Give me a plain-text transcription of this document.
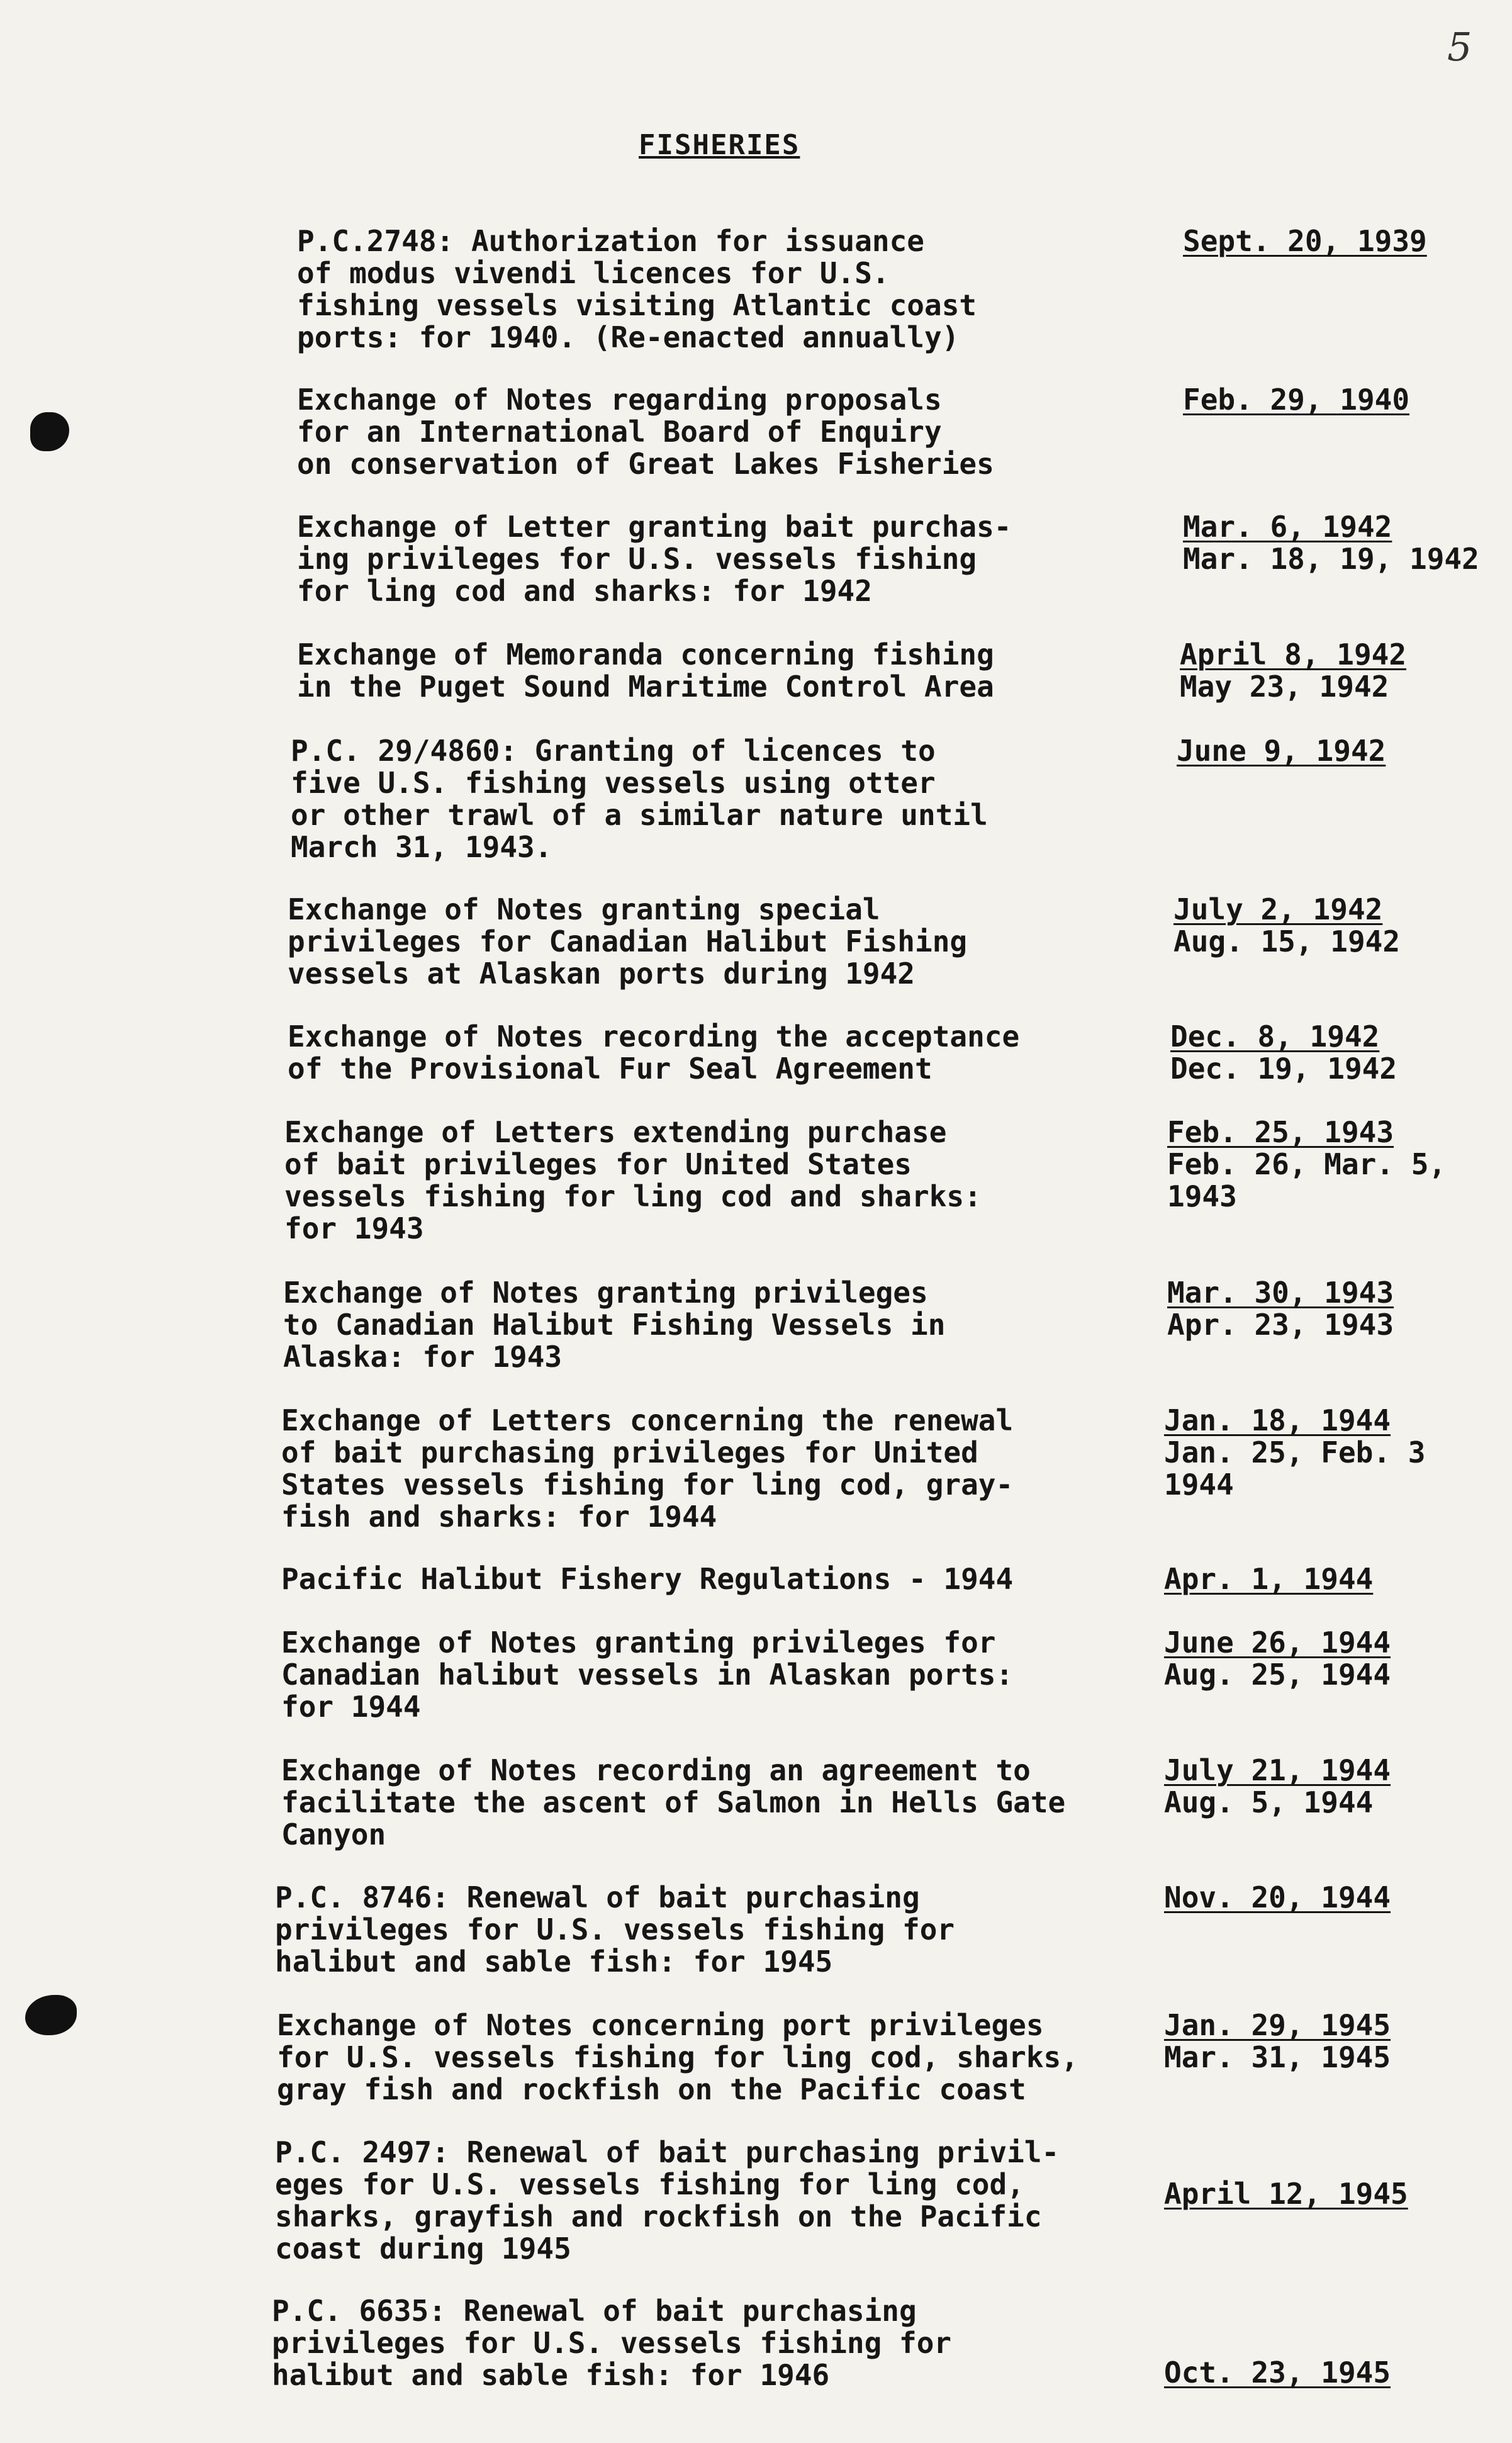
5
FISHERIES
P.C.2748: Authorization for issuance
of modus vivendi licences for U.S.
fishing vessels visiting Atlantic coast
ports: for 1940. (Re-enacted annually)
Sept. 20, 1939
Exchange of Notes regarding proposals
for an International Board of Enquiry
on conservation of Great Lakes Fisheries
Feb. 29, 1940
Exchange of Letter granting bait purchas-
ing privileges for U.S. vessels fishing
for ling cod and sharks: for 1942
Mar. 6, 1942
Mar. 18, 19, 1942
Exchange of Memoranda concerning fishing
in the Puget Sound Maritime Control Area
April 8, 1942
May 23, 1942
P.C. 29/4860: Granting of licences to
five U.S. fishing vessels using otter
or other trawl of a similar nature until
March 31, 1943.
June 9, 1942
Exchange of Notes granting special
privileges for Canadian Halibut Fishing
vessels at Alaskan ports during 1942
July 2, 1942
Aug. 15, 1942
Exchange of Notes recording the acceptance
of the Provisional Fur Seal Agreement
Dec. 8, 1942
Dec. 19, 1942
Exchange of Letters extending purchase
of bait privileges for United States
vessels fishing for ling cod and sharks:
for 1943
Feb. 25, 1943
Feb. 26, Mar. 5,
1943
Exchange of Notes granting privileges
to Canadian Halibut Fishing Vessels in
Alaska: for 1943
Mar. 30, 1943
Apr. 23, 1943
Exchange of Letters concerning the renewal
of bait purchasing privileges for United
States vessels fishing for ling cod, gray-
fish and sharks: for 1944
Jan. 18, 1944
Jan. 25, Feb. 3
1944
Pacific Halibut Fishery Regulations - 1944	Apr. 1, 1944
Exchange of Notes granting privileges for
Canadian halibut vessels in Alaskan ports:
for 1944
June 26, 1944
Aug. 25, 1944
Exchange of Notes recording an agreement to
facilitate the ascent of Salmon in Hells Gate
Canyon
July 21, 1944
Aug. 5, 1944
P.C. 8746: Renewal of bait purchasing
privileges for U.S. vessels fishing for
halibut and sable fish: for 1945
Nov. 20, 1944
Exchange of Notes concerning port privileges
for U.S. vessels fishing for ling cod, sharks,
gray fish and rockfish on the Pacific coast
Jan. 29, 1945
Mar. 31, 1945
P.C. 2497: Renewal of bait purchasing privil-
eges for U.S. vessels fishing for ling cod,
sharks, grayfish and rockfish on the Pacific
coast during 1945
April 12, 1945
P.C. 6635: Renewal of bait purchasing
privileges for U.S. vessels fishing for
halibut and sable fish: for 1946	Oct. 23, 1945
